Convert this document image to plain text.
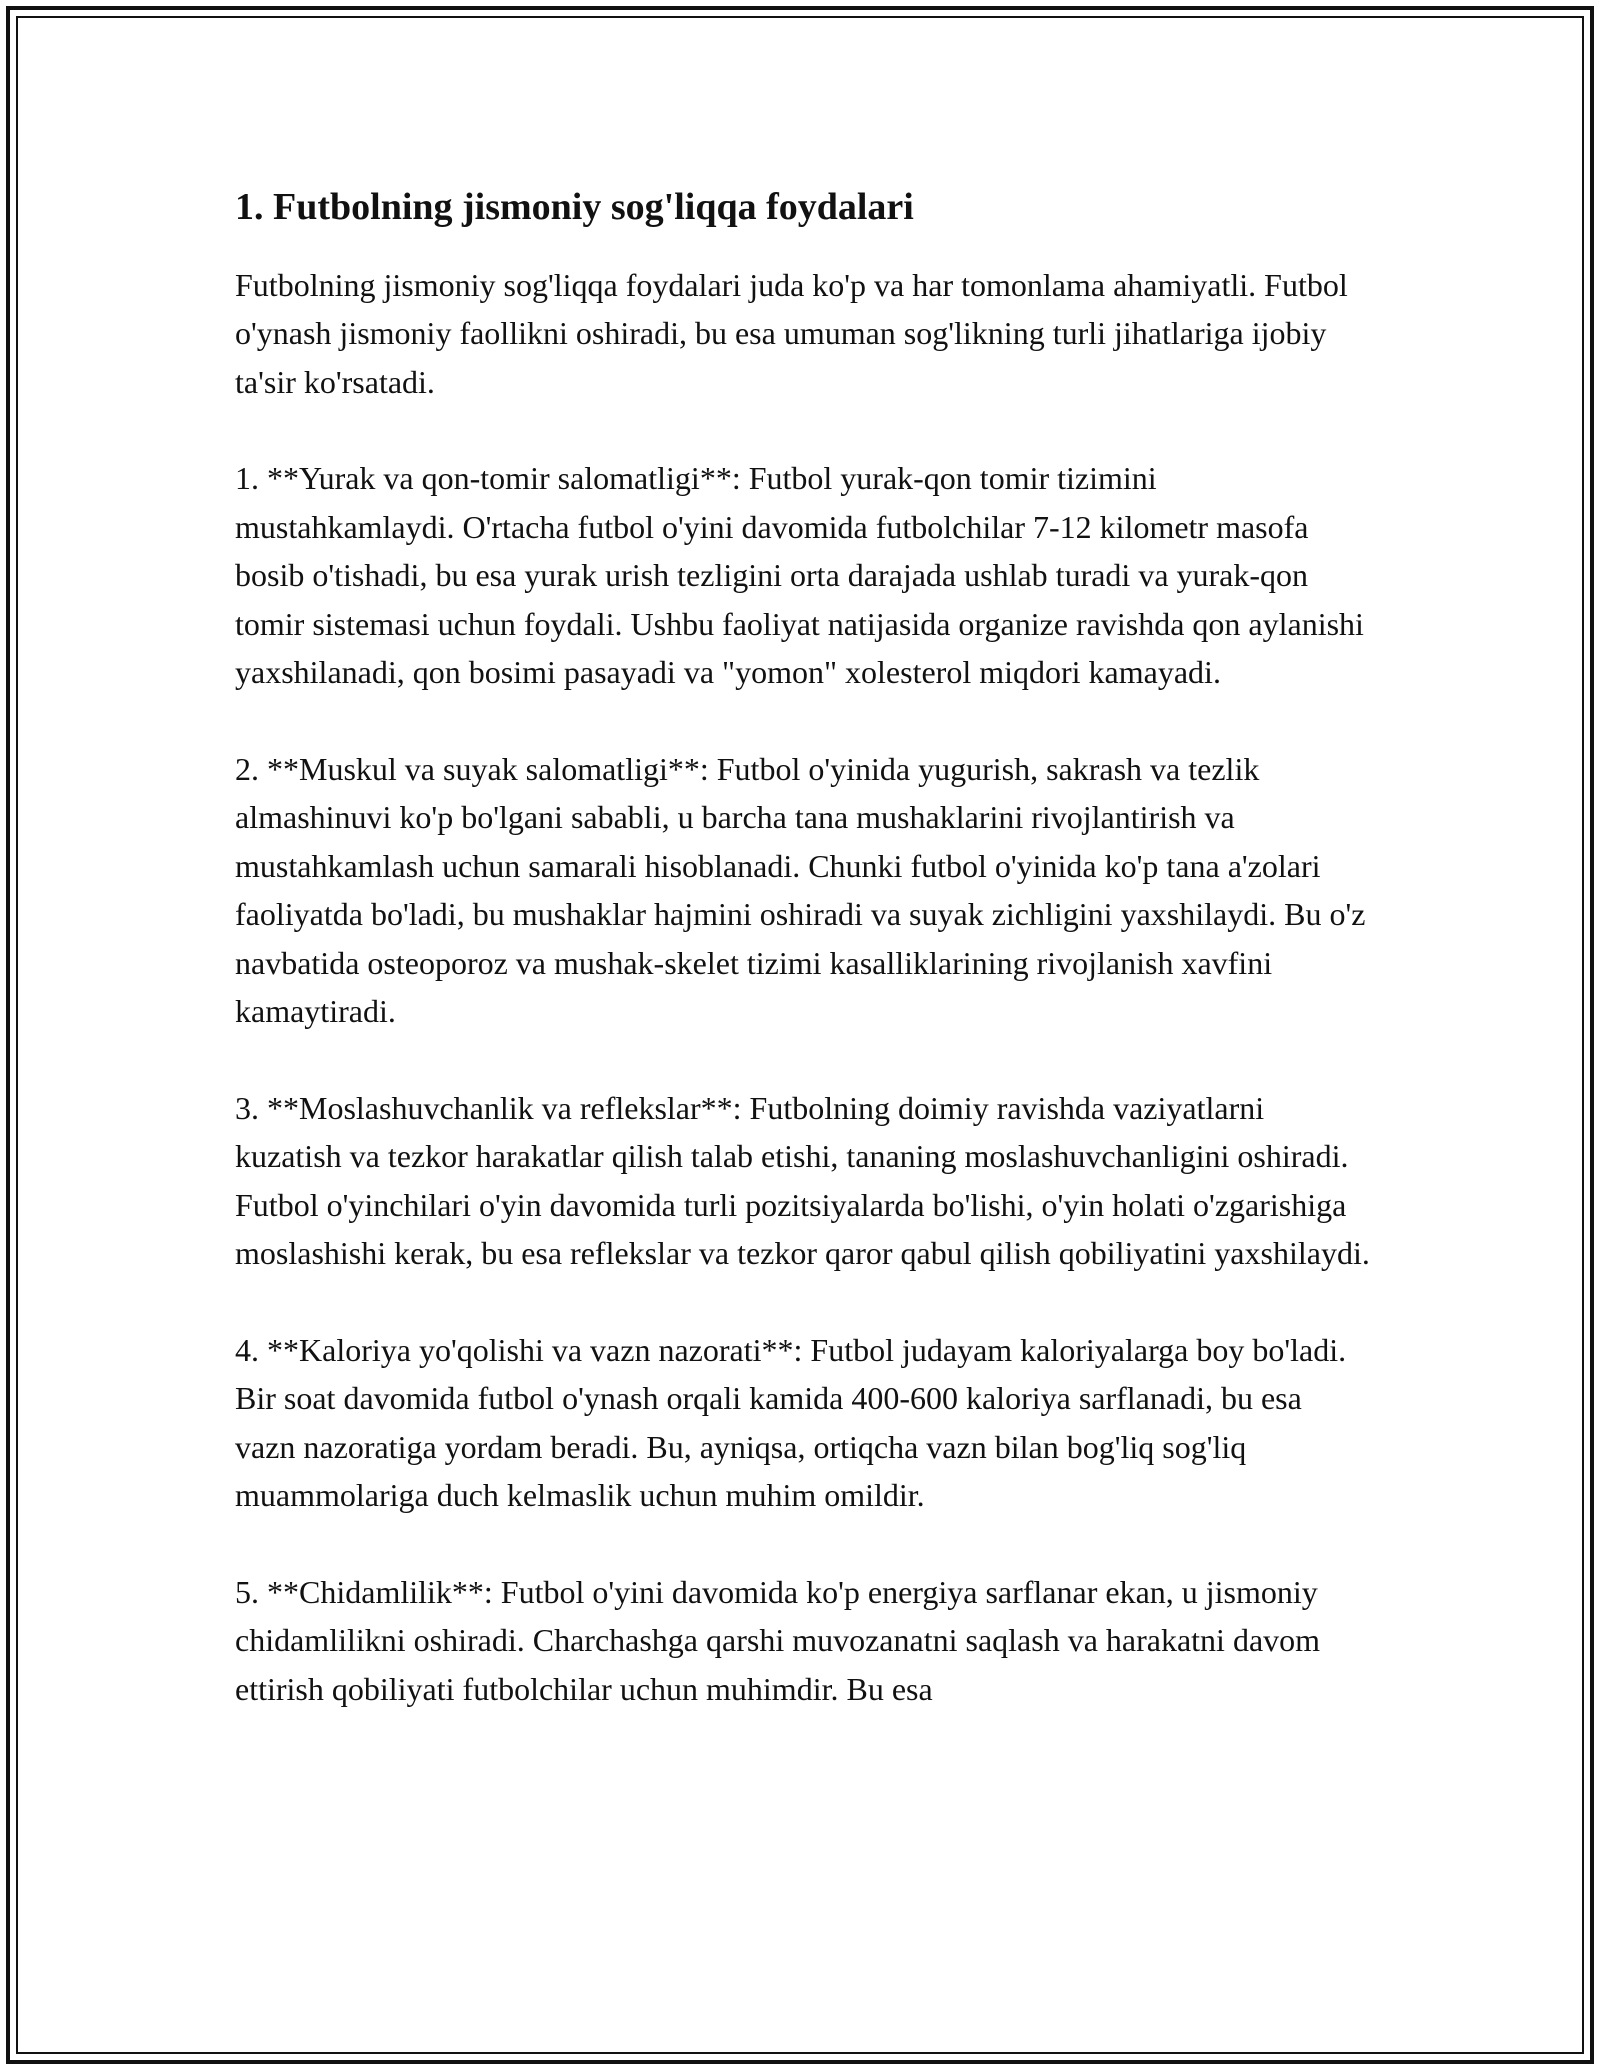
1. Futbolning jismoniy sog'liqqa foydalari

Futbolning jismoniy sog'liqqa foydalari juda ko'p va har tomonlama ahamiyatli. Futbol o'ynash jismoniy faollikni oshiradi, bu esa umuman sog'likning turli jihatlariga ijobiy ta'sir ko'rsatadi.

1. **Yurak va qon-tomir salomatligi**: Futbol yurak-qon tomir tizimini mustahkamlaydi. O'rtacha futbol o'yini davomida futbolchilar 7-12 kilometr masofa bosib o'tishadi, bu esa yurak urish tezligini orta darajada ushlab turadi va yurak-qon tomir sistemasi uchun foydali. Ushbu faoliyat natijasida organize ravishda qon aylanishi yaxshilanadi, qon bosimi pasayadi va "yomon" xolesterol miqdori kamayadi.

2. **Muskul va suyak salomatligi**: Futbol o'yinida yugurish, sakrash va tezlik almashinuvi ko'p bo'lgani sababli, u barcha tana mushaklarini rivojlantirish va mustahkamlash uchun samarali hisoblanadi. Chunki futbol o'yinida ko'p tana a'zolari faoliyatda bo'ladi, bu mushaklar hajmini oshiradi va suyak zichligini yaxshilaydi. Bu o'z navbatida osteoporoz va mushak-skelet tizimi kasalliklarining rivojlanish xavfini kamaytiradi.

3. **Moslashuvchanlik va reflekslar**: Futbolning doimiy ravishda vaziyatlarni kuzatish va tezkor harakatlar qilish talab etishi, tananing moslashuvchanligini oshiradi. Futbol o'yinchilari o'yin davomida turli pozitsiyalarda bo'lishi, o'yin holati o'zgarishiga moslashishi kerak, bu esa reflekslar va tezkor qaror qabul qilish qobiliyatini yaxshilaydi.

4. **Kaloriya yo'qolishi va vazn nazorati**: Futbol judayam kaloriyalarga boy bo'ladi. Bir soat davomida futbol o'ynash orqali kamida 400-600 kaloriya sarflanadi, bu esa vazn nazoratiga yordam beradi. Bu, ayniqsa, ortiqcha vazn bilan bog'liq sog'liq muammolariga duch kelmaslik uchun muhim omildir.

5. **Chidamlilik**: Futbol o'yini davomida ko'p energiya sarflanar ekan, u jismoniy chidamlilikni oshiradi. Charchashga qarshi muvozanatni saqlash va harakatni davom ettirish qobiliyati futbolchilar uchun muhimdir. Bu esa
